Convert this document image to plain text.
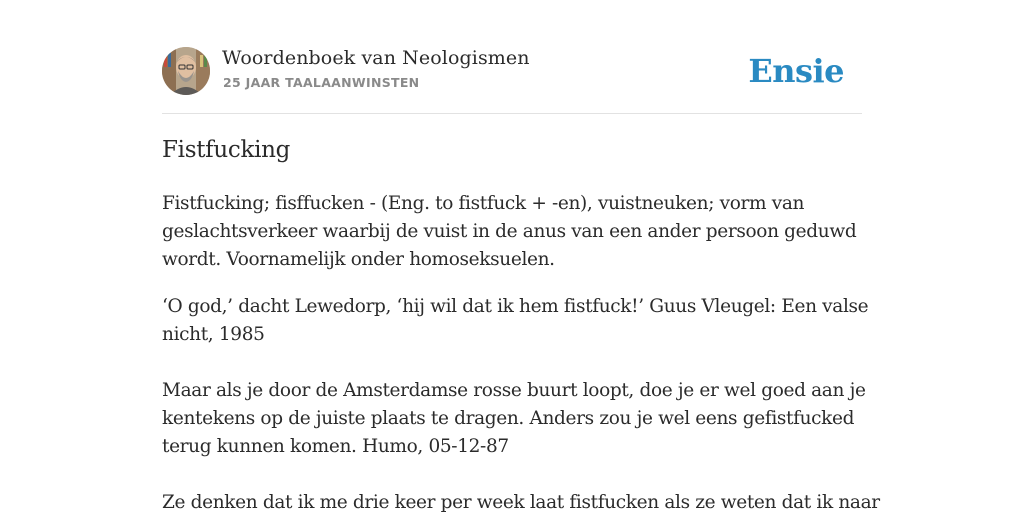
Woordenboek van Neologismen
25 JAAR TAALAANWINSTEN	Ensie
Fistfucking

Fistfucking; fisffucken - (Eng. to fistfuck + -en), vuistneuken; vorm van
geslachtsverkeer waarbij de vuist in de anus van een ander persoon geduwd
wordt. Voornamelijk onder homoseksuelen.

‘O god,’ dacht Lewedorp, ‘hij wil dat ik hem fistfuck!’ Guus Vleugel: Een valse
nicht, 1985
Maar als je door de Amsterdamse rosse buurt loopt, doe je er wel goed aan je
kentekens op de juiste plaats te dragen. Anders zou je wel eens gefistfucked
terug kunnen komen. Humo, 05-12-87
Ze denken dat ik me drie keer per week laat fistfucken als ze weten dat ik naar
